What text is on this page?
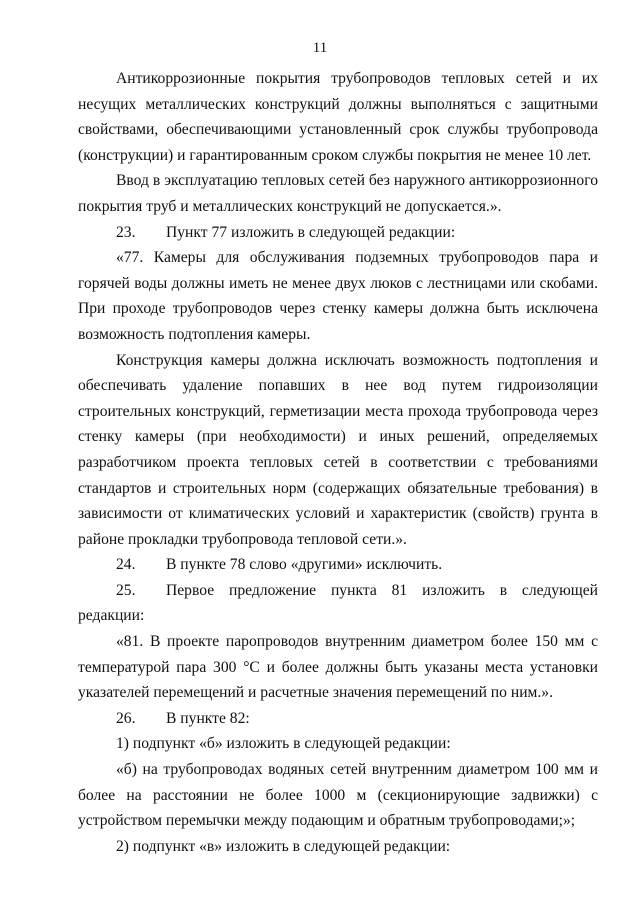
11

Антикоррозионные покрытия трубопроводов тепловых сетей и их несущих металлических конструкций должны выполняться с защитными свойствами, обеспечивающими установленный срок службы трубопровода (конструкции) и гарантированным сроком службы покрытия не менее 10 лет.

Ввод в эксплуатацию тепловых сетей без наружного антикоррозионного покрытия труб и металлических конструкций не допускается.».

23. Пункт 77 изложить в следующей редакции:

«77. Камеры для обслуживания подземных трубопроводов пара и горячей воды должны иметь не менее двух люков с лестницами или скобами. При проходе трубопроводов через стенку камеры должна быть исключена возможность подтопления камеры.

Конструкция камеры должна исключать возможность подтопления и обеспечивать удаление попавших в нее вод путем гидроизоляции строительных конструкций, герметизации места прохода трубопровода через стенку камеры (при необходимости) и иных решений, определяемых разработчиком проекта тепловых сетей в соответствии с требованиями стандартов и строительных норм (содержащих обязательные требования) в зависимости от климатических условий и характеристик (свойств) грунта в районе прокладки трубопровода тепловой сети.».

24. В пункте 78 слово «другими» исключить.

25. Первое предложение пункта 81 изложить в следующей редакции:

«81. В проекте паропроводов внутренним диаметром более 150 мм с температурой пара 300 °С и более должны быть указаны места установки указателей перемещений и расчетные значения перемещений по ним.».

26. В пункте 82:

1) подпункт «б» изложить в следующей редакции:

«б) на трубопроводах водяных сетей внутренним диаметром 100 мм и более на расстоянии не более 1000 м (секционирующие задвижки) с устройством перемычки между подающим и обратным трубопроводами;»;

2) подпункт «в» изложить в следующей редакции:
